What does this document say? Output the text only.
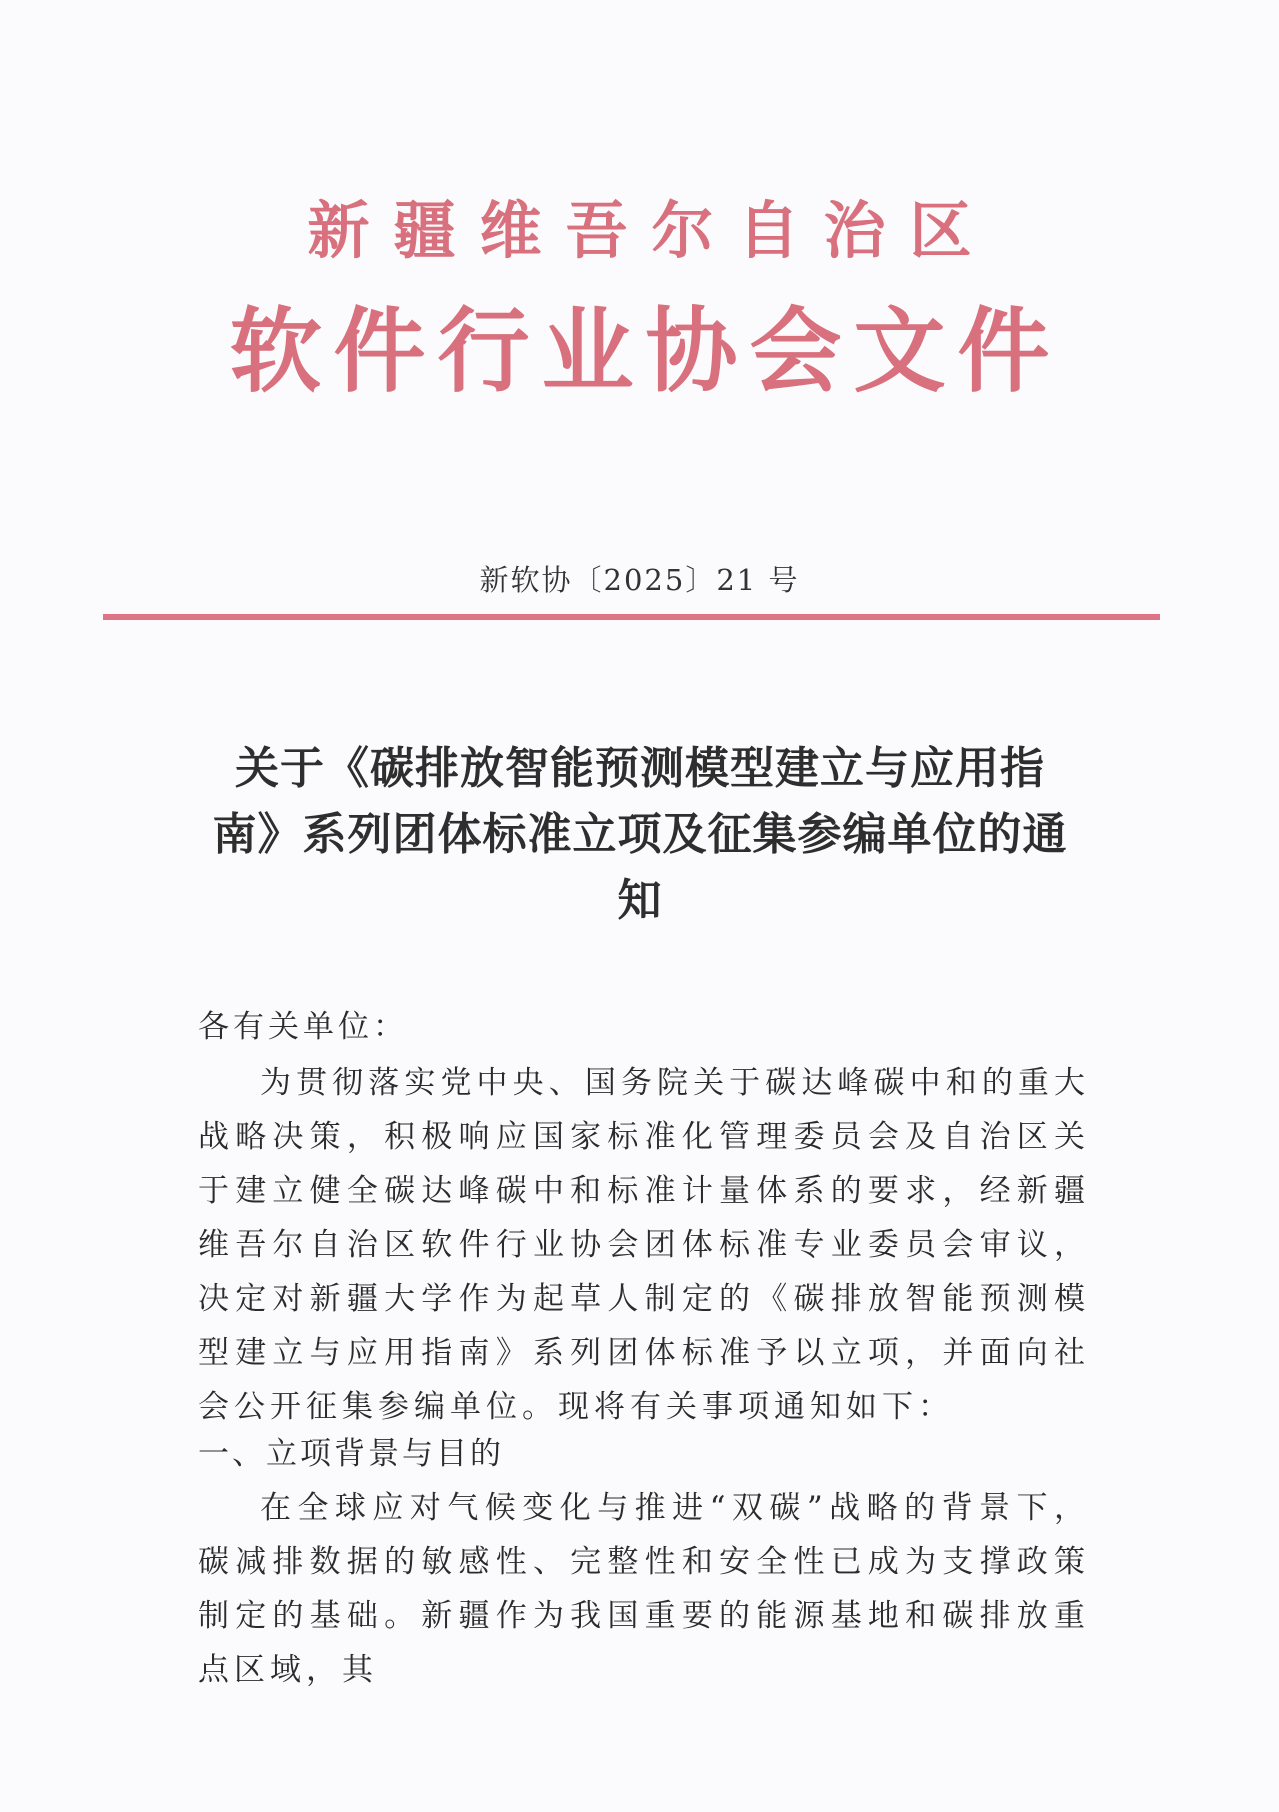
新疆维吾尔自治区
软件行业协会文件
新软协〔2025〕21 号
关于《碳排放智能预测模型建立与应用指
南》系列团体标准立项及征集参编单位的通
知
各有关单位：

为贯彻落实党中央、国务院关于碳达峰碳中和的重大战略决策，积极响应国家标准化管理委员会及自治区关于建立健全碳达峰碳中和标准计量体系的要求，经新疆维吾尔自治区软件行业协会团体标准专业委员会审议，决定对新疆大学作为起草人制定的《碳排放智能预测模型建立与应用指南》系列团体标准予以立项，并面向社会公开征集参编单位。现将有关事项通知如下：

一、立项背景与目的

在全球应对气候变化与推进“双碳”战略的背景下，碳减排数据的敏感性、完整性和安全性已成为支撑政策制定的基础。新疆作为我国重要的能源基地和碳排放重点区域，其
